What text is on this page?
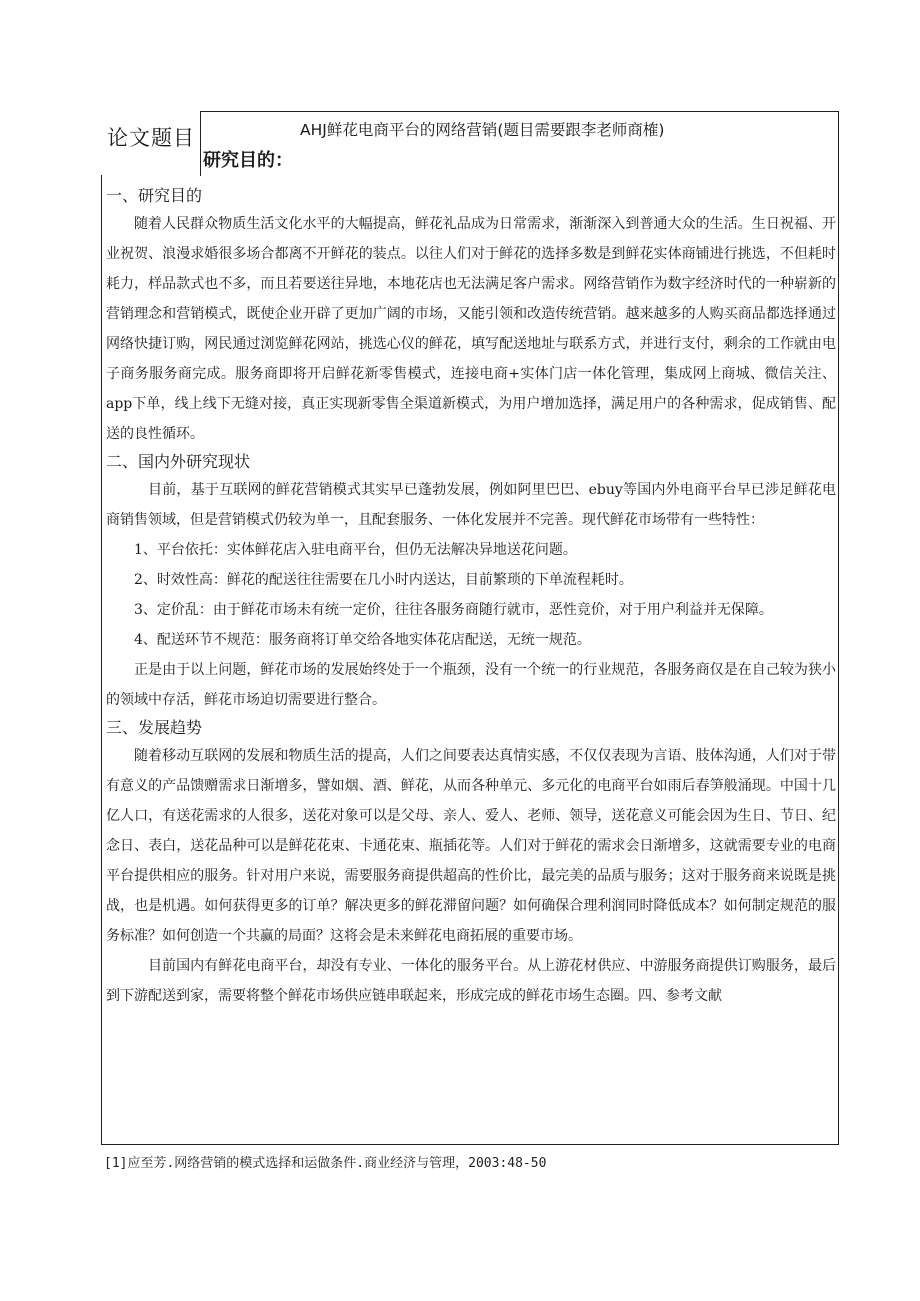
论文题目	AHJ鲜花电商平台的网络营销(题目需要跟李老师商榷)
研究目的：

一、研究目的

随着人民群众物质生活文化水平的大幅提高，鲜花礼品成为日常需求，渐渐深入到普通大众的生活。生日祝福、开业祝贺、浪漫求婚很多场合都离不开鲜花的装点。以往人们对于鲜花的选择多数是到鲜花实体商铺进行挑选，不但耗时耗力，样品款式也不多，而且若要送往异地，本地花店也无法满足客户需求。网络营销作为数字经济时代的一种崭新的营销理念和营销模式，既使企业开辟了更加广阔的市场，又能引领和改造传统营销。越来越多的人购买商品都选择通过网络快捷订购，网民通过浏览鲜花网站，挑选心仪的鲜花，填写配送地址与联系方式，并进行支付，剩余的工作就由电子商务服务商完成。服务商即将开启鲜花新零售模式，连接电商+实体门店一体化管理，集成网上商城、微信关注、app下单，线上线下无缝对接，真正实现新零售全渠道新模式，为用户增加选择，满足用户的各种需求，促成销售、配送的良性循环。

二、国内外研究现状

目前，基于互联网的鲜花营销模式其实早已蓬勃发展，例如阿里巴巴、ebuy等国内外电商平台早已涉足鲜花电商销售领域，但是营销模式仍较为单一，且配套服务、一体化发展并不完善。现代鲜花市场带有一些特性：

1、平台依托：实体鲜花店入驻电商平台，但仍无法解决异地送花问题。

2、时效性高：鲜花的配送往往需要在几小时内送达，目前繁琐的下单流程耗时。

3、定价乱：由于鲜花市场未有统一定价，往往各服务商随行就市，恶性竞价，对于用户利益并无保障。

4、配送环节不规范：服务商将订单交给各地实体花店配送，无统一规范。

正是由于以上问题，鲜花市场的发展始终处于一个瓶颈，没有一个统一的行业规范，各服务商仅是在自己较为狭小的领域中存活，鲜花市场迫切需要进行整合。

三、发展趋势

随着移动互联网的发展和物质生活的提高，人们之间要表达真情实感，不仅仅表现为言语、肢体沟通，人们对于带有意义的产品馈赠需求日渐增多，譬如烟、酒、鲜花，从而各种单元、多元化的电商平台如雨后春笋般涌现。中国十几亿人口，有送花需求的人很多，送花对象可以是父母、亲人、爱人、老师、领导，送花意义可能会因为生日、节日、纪念日、表白，送花品种可以是鲜花花束、卡通花束、瓶插花等。人们对于鲜花的需求会日渐增多，这就需要专业的电商平台提供相应的服务。针对用户来说，需要服务商提供超高的性价比，最完美的品质与服务；这对于服务商来说既是挑战，也是机遇。如何获得更多的订单？解决更多的鲜花滞留问题？如何确保合理利润同时降低成本？如何制定规范的服务标准？如何创造一个共赢的局面？这将会是未来鲜花电商拓展的重要市场。

目前国内有鲜花电商平台，却没有专业、一体化的服务平台。从上游花材供应、中游服务商提供订购服务，最后到下游配送到家，需要将整个鲜花市场供应链串联起来，形成完成的鲜花市场生态圈。四、参考文献

[1]应至芳.网络营销的模式选择和运做条件.商业经济与管理，2003:48-50
